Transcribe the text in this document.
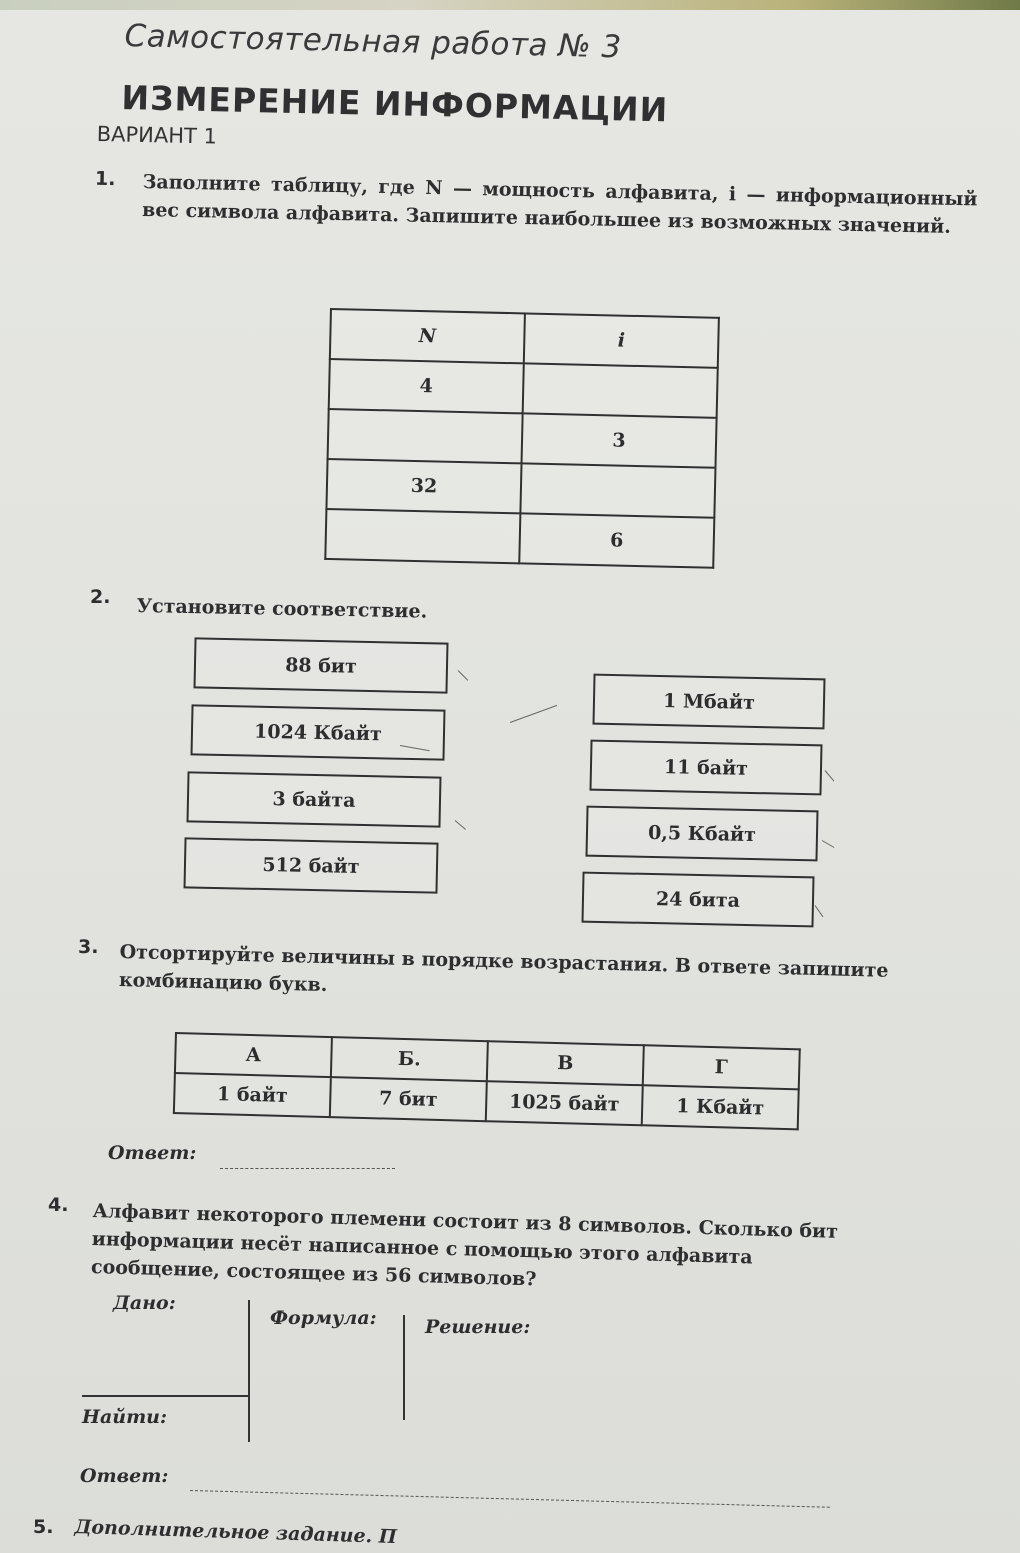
Самостоятельная работа № 3
ИЗМЕРЕНИЕ ИНФОРМАЦИИ
ВАРИАНТ 1
1. Заполните таблицу, где N — мощность алфавита, i — информационный вес символа алфавита. Запишите наибольшее из возможных значений.
N	i
4	
	3
32	
	6
2. Установите соответствие.
88 бит
1024 Кбайт
3 байта
512 байт
1 Мбайт
11 байт
0,5 Кбайт
24 бита
3. Отсортируйте величины в порядке возрастания. В ответе запишите комбинацию букв.
А	Б.	В	Г
1 байт	7 бит	1025 байт	1 Кбайт
Ответ:
4. Алфавит некоторого племени состоит из 8 символов. Сколько бит информации несёт написанное с помощью этого алфавита сообщение, состоящее из 56 символов?
Дано:
Найти:
Формула:	Решение:
Ответ:
5. Дополнительное задание. П
